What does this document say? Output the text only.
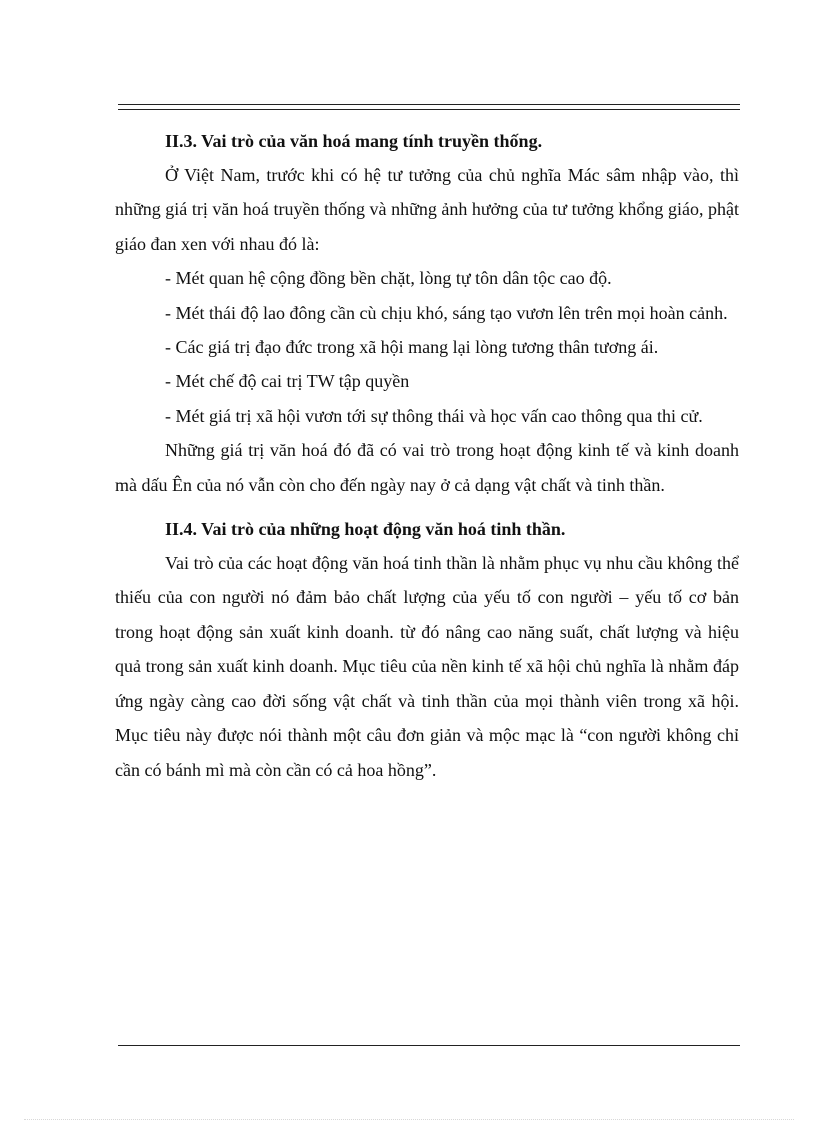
II.3. Vai trò của văn hoá mang tính truyền thống.

Ở Việt Nam, trước khi có hệ tư tưởng của chủ nghĩa Mác sâm nhập vào, thì những giá trị văn hoá truyền thống và những ảnh hưởng của tư tưởng khổng giáo, phật giáo đan xen với nhau đó là:

- Mét quan hệ cộng đồng bền chặt, lòng tự tôn dân tộc cao độ.

- Mét thái độ lao đông cần cù chịu khó, sáng tạo vươn lên trên mọi hoàn cảnh.

- Các giá trị đạo đức trong xã hội mang lại lòng tương thân tương ái.

- Mét chế độ cai trị TW tập quyền

- Mét giá trị xã hội vươn tới sự thông thái và học vấn cao thông qua thi cử.

Những giá trị văn hoá đó đã có vai trò trong hoạt động kinh tế và kinh doanh mà dấu Ên của nó vẫn còn cho đến ngày nay ở cả dạng vật chất và tinh thần.

II.4. Vai trò của những hoạt động văn hoá tinh thần.

Vai trò của các hoạt động văn hoá tinh thần là nhằm phục vụ nhu cầu không thể thiếu của con người nó đảm bảo chất lượng của yếu tố con người – yếu tố cơ bản trong hoạt động sản xuất kinh doanh. từ đó nâng cao năng suất, chất lượng và hiệu quả trong sản xuất kinh doanh. Mục tiêu của nền kinh tế xã hội chủ nghĩa là nhằm đáp ứng ngày càng cao đời sống vật chất và tinh thần của mọi thành viên trong xã hội. Mục tiêu này được nói thành một câu đơn giản và mộc mạc là “con người không chỉ cần có bánh mì mà còn cần có cả hoa hồng”.
